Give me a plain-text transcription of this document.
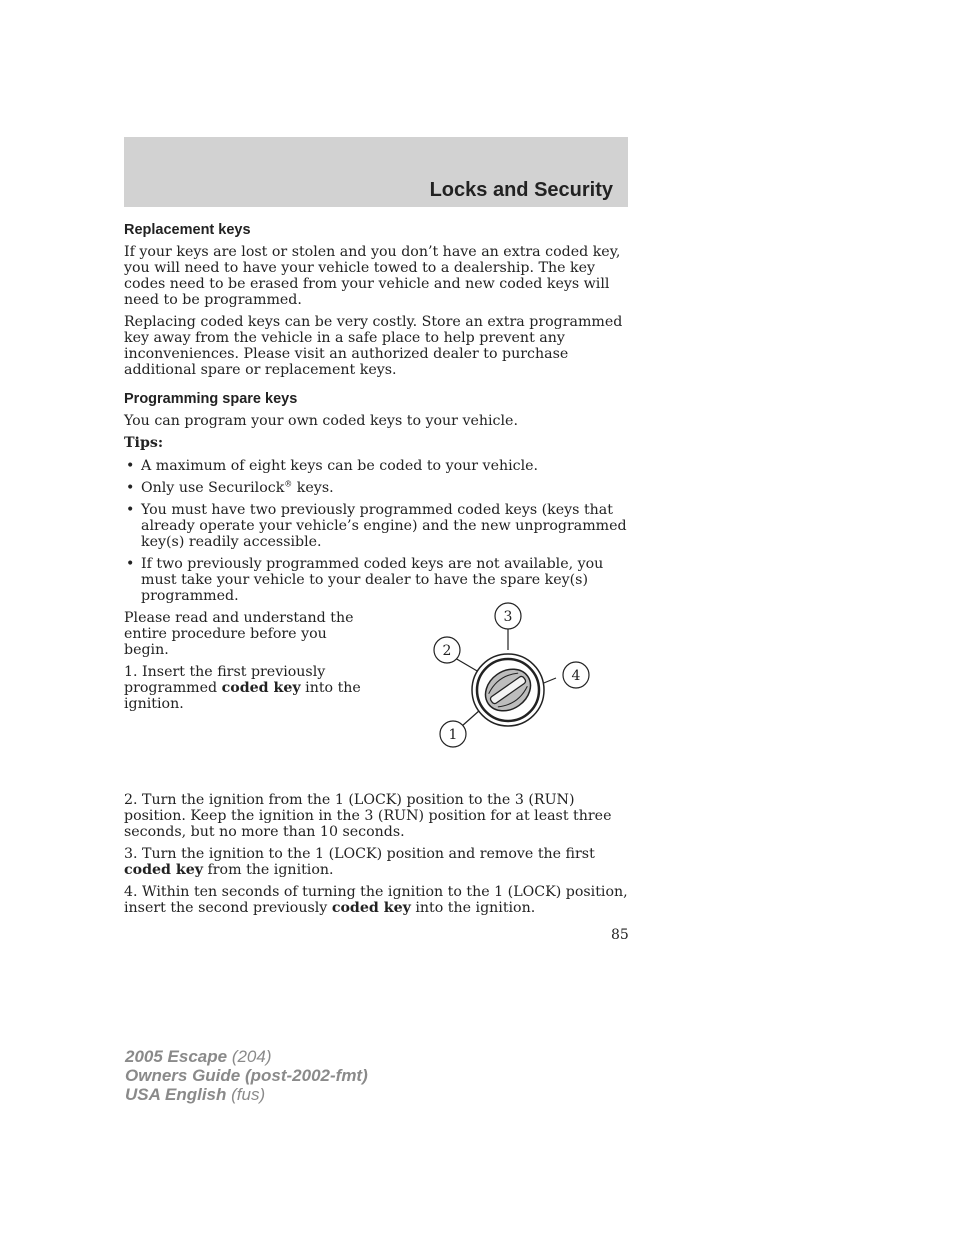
Locks and Security
Replacement keys

If your keys are lost or stolen and you don’t have an extra coded key, you will need to have your vehicle towed to a dealership. The key codes need to be erased from your vehicle and new coded keys will need to be programmed.

Replacing coded keys can be very costly. Store an extra programmed key away from the vehicle in a safe place to help prevent any inconveniences. Please visit an authorized dealer to purchase additional spare or replacement keys.

Programming spare keys

You can program your own coded keys to your vehicle.

Tips:

• A maximum of eight keys can be coded to your vehicle.
• Only use Securilock® keys.
• You must have two previously programmed coded keys (keys that already operate your vehicle’s engine) and the new unprogrammed key(s) readily accessible.
• If two previously programmed coded keys are not available, you must take your vehicle to your dealer to have the spare key(s) programmed.

Please read and understand the entire procedure before you begin.

1. Insert the first previously programmed coded key into the ignition.

3
2
4
1

2. Turn the ignition from the 1 (LOCK) position to the 3 (RUN) position. Keep the ignition in the 3 (RUN) position for at least three seconds, but no more than 10 seconds.

3. Turn the ignition to the 1 (LOCK) position and remove the first coded key from the ignition.

4. Within ten seconds of turning the ignition to the 1 (LOCK) position, insert the second previously coded key into the ignition.

85
2005 Escape (204)
Owners Guide (post-2002-fmt)
USA English (fus)
